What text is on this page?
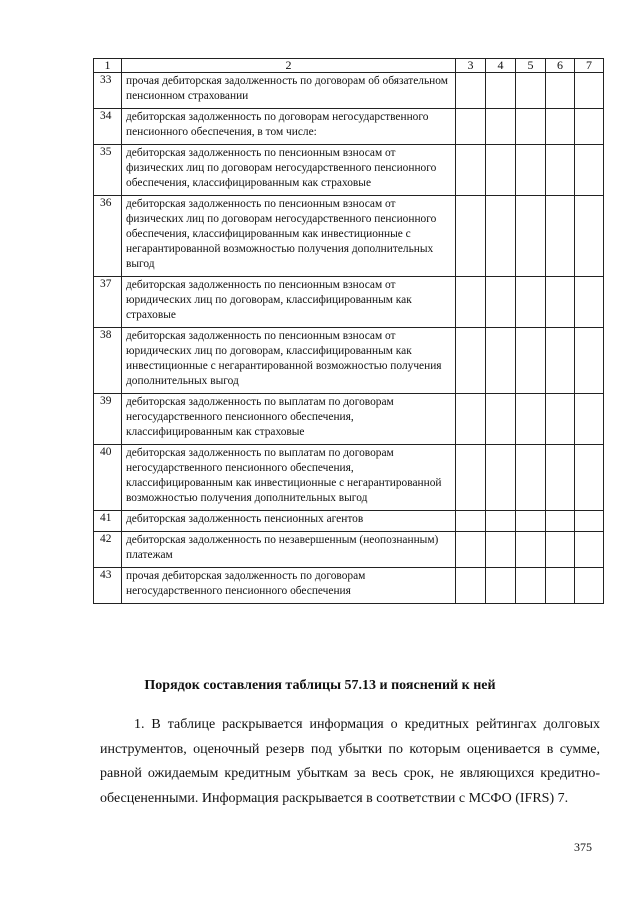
1	2	3	4	5	6	7
33	прочая дебиторская задолженность по договорам об обязательном пенсионном страховании					
34	дебиторская задолженность по договорам негосударственного пенсионного обеспечения, в том числе:					
35	дебиторская задолженность по пенсионным взносам от физических лиц по договорам негосударственного пенсионного обеспечения, классифицированным как страховые					
36	дебиторская задолженность по пенсионным взносам от физических лиц по договорам негосударственного пенсионного обеспечения, классифицированным как инвестиционные с негарантированной возможностью получения дополнительных выгод					
37	дебиторская задолженность по пенсионным взносам от юридических лиц по договорам, классифицированным как страховые					
38	дебиторская задолженность по пенсионным взносам от юридических лиц по договорам, классифицированным как инвестиционные с негарантированной возможностью получения дополнительных выгод					
39	дебиторская задолженность по выплатам по договорам негосударственного пенсионного обеспечения, классифицированным как страховые					
40	дебиторская задолженность по выплатам по договорам негосударственного пенсионного обеспечения, классифицированным как инвестиционные с негарантированной возможностью получения дополнительных выгод					
41	дебиторская задолженность пенсионных агентов					
42	дебиторская задолженность по незавершенным (неопознанным) платежам					
43	прочая дебиторская задолженность по договорам негосударственного пенсионного обеспечения					
Порядок составления таблицы 57.13 и пояснений к ней

1. В таблице раскрывается информация о кредитных рейтингах долговых инструментов, оценочный резерв под убытки по которым оценивается в сумме, равной ожидаемым кредитным убыткам за весь срок, не являющихся кредитно-обесцененными. Информация раскрывается в соответствии с МСФО (IFRS) 7.

375
